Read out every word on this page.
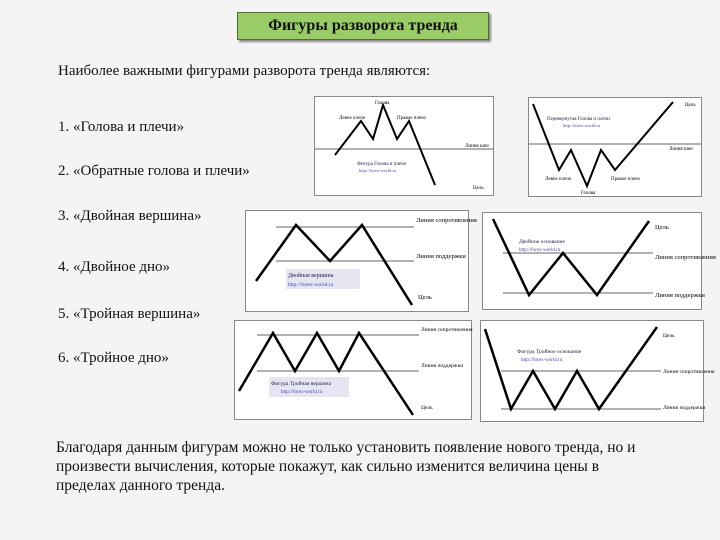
Фигуры разворота тренда
Наиболее важными фигурами разворота тренда являются:
1. «Голова и плечи»
2. «Обратные голова и плечи»
3. «Двойная вершина»
4. «Двойное дно»
5. «Тройная вершина»
6. «Тройное дно»
Благодаря данным фигурам можно не только установить появление нового тренда, но и произвести вычисления, которые покажут, как сильно изменится величина цены в пределах данного тренда.
Голова
Левое плечо	Правое плечо
Линия шеи
Цель
Фигура Голова и плечи
http://forex-world.ru
Перевернутая Голова и плечи
http://forex-world.ru
Цель
Линия шеи
Левое плечо	Правое плечо
Голова
Линия сопротивления
Линия поддержки
Цель
Двойная вершина
http://forex-world.ru
Двойное основание
http://forex-world.ru
Цель
Линия сопротивления
Линия поддержки
Линия сопротивления
Линия поддержки
Цель
Фигура Тройная вершина
http://forex-world.ru
Фигура Тройное основание
http://forex-world.ru
Цель
Линия сопротивления
Линия поддержки
